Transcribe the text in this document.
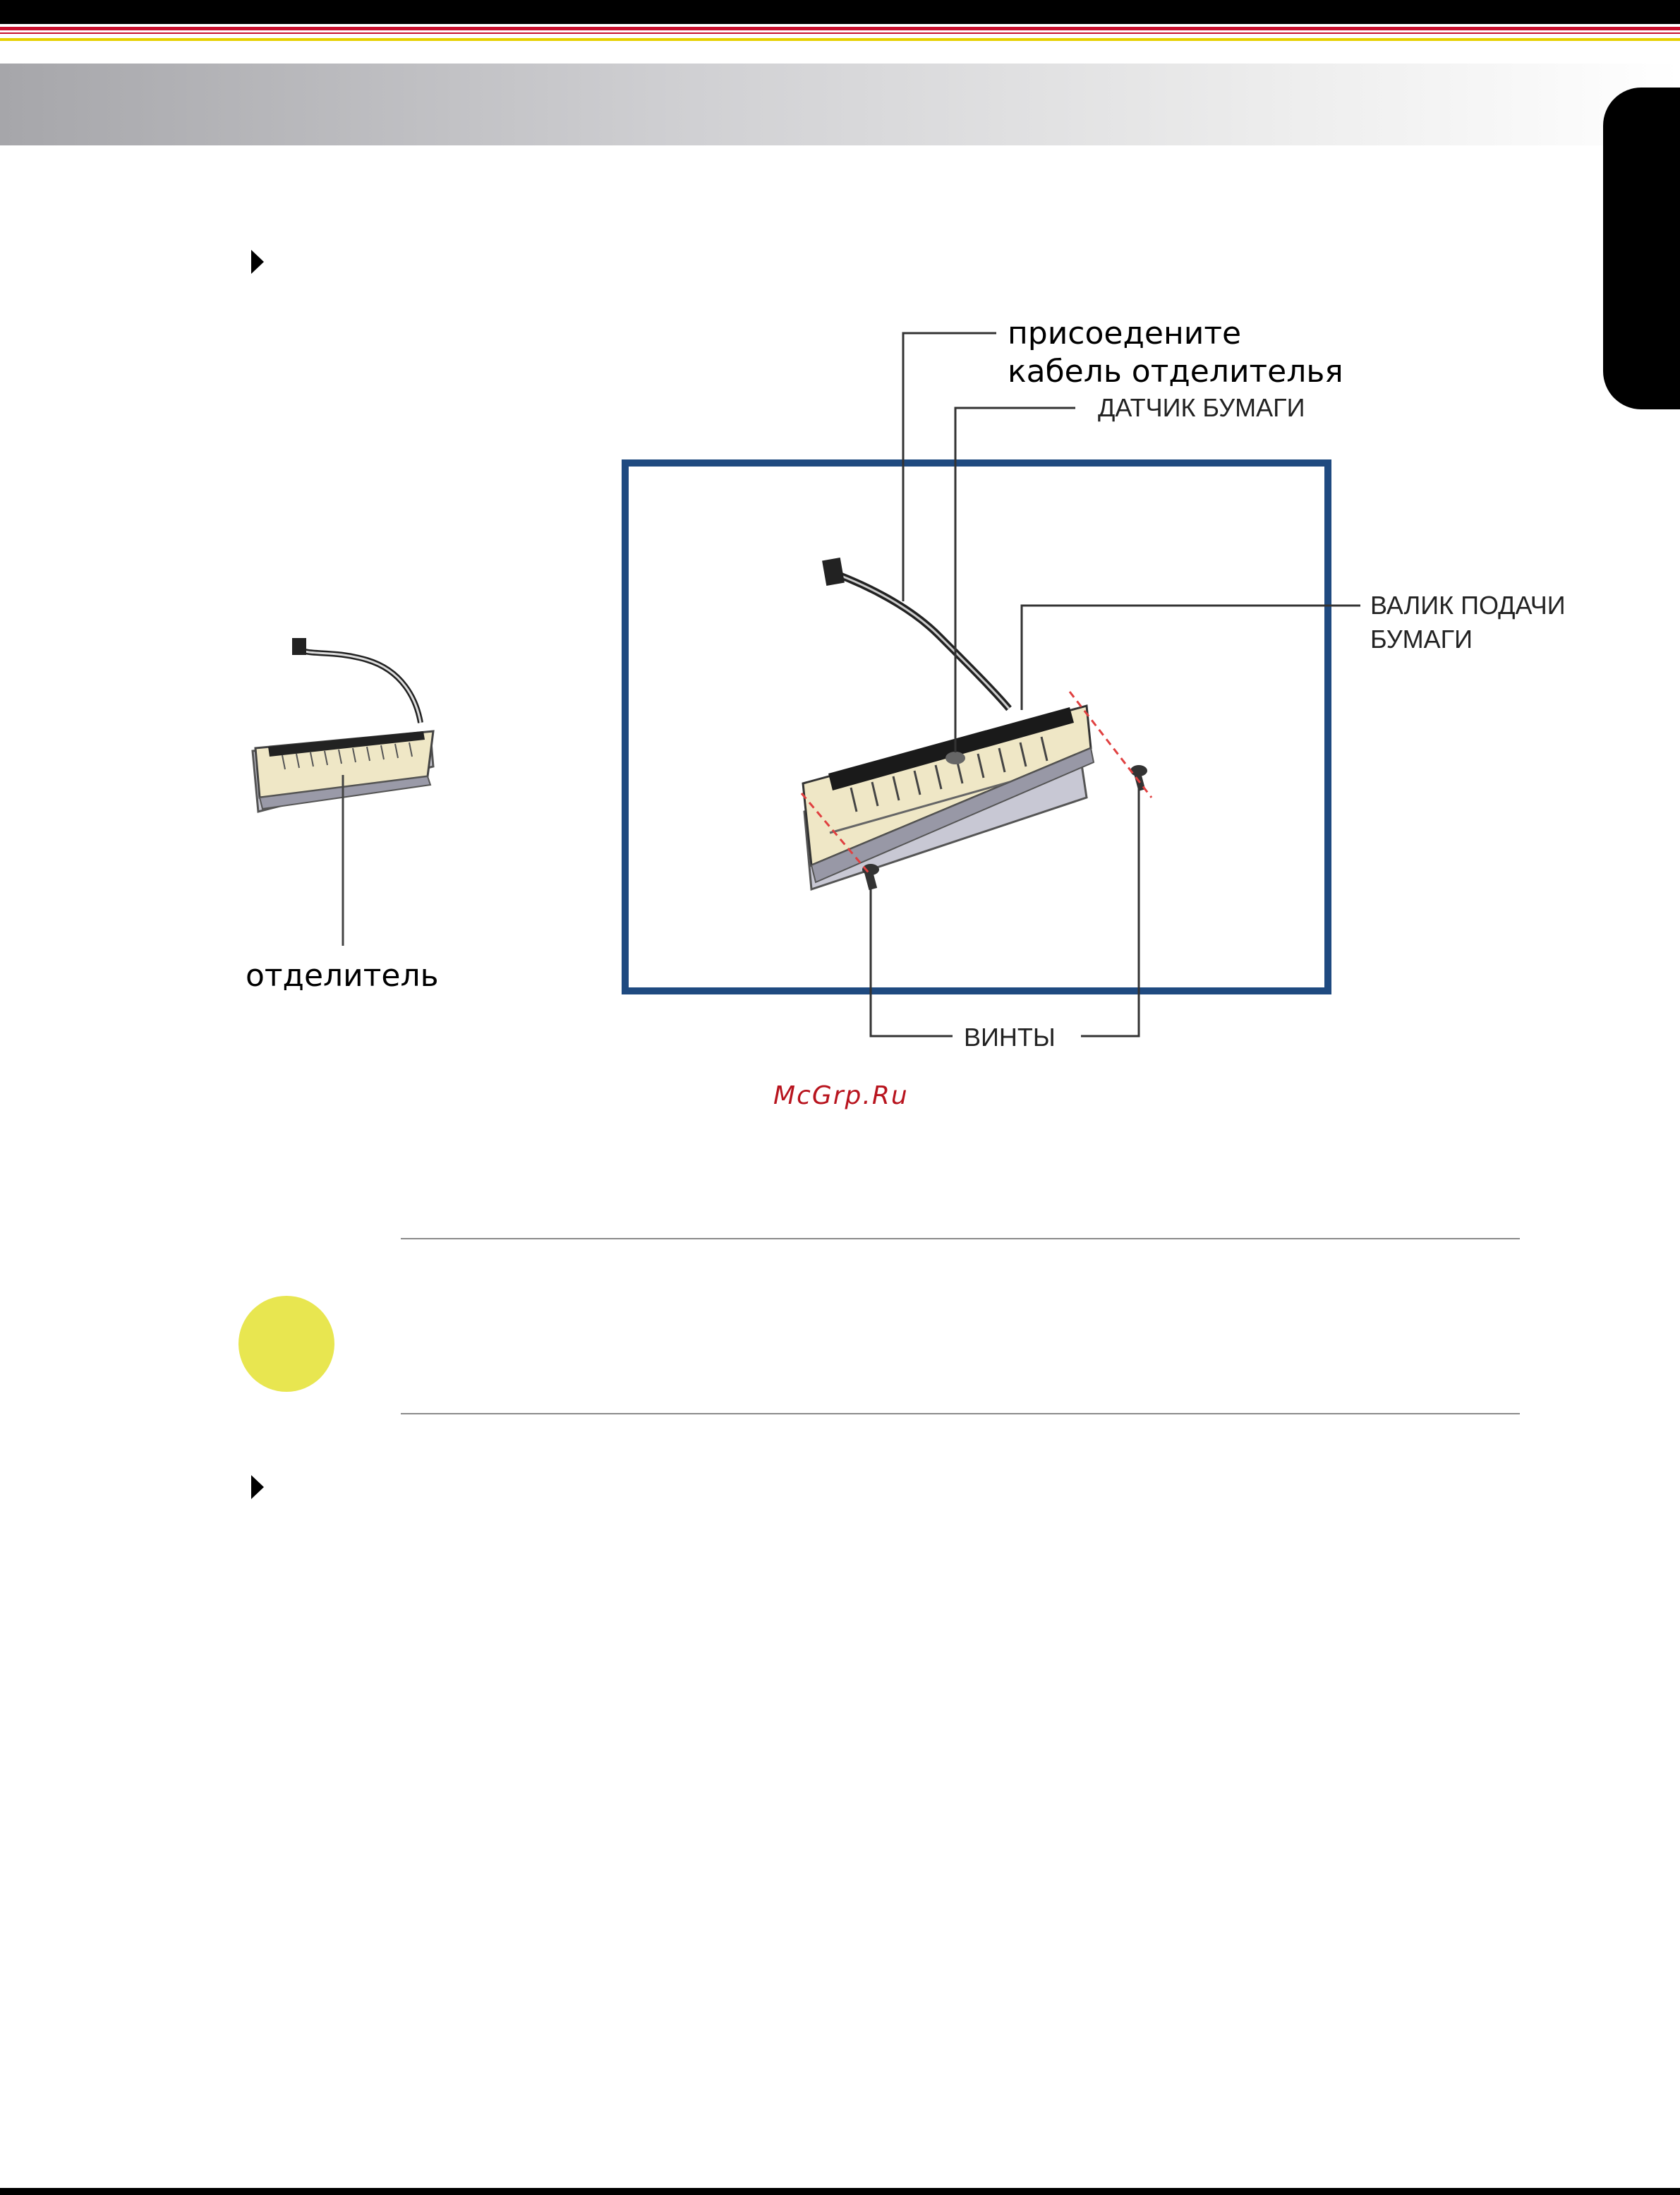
присоедените
кабель отделителья
ДАТЧИК БУМАГИ
ВАЛИК ПОДАЧИ
БУМАГИ
ВИНТЫ
отделитель
McGrp.Ru
